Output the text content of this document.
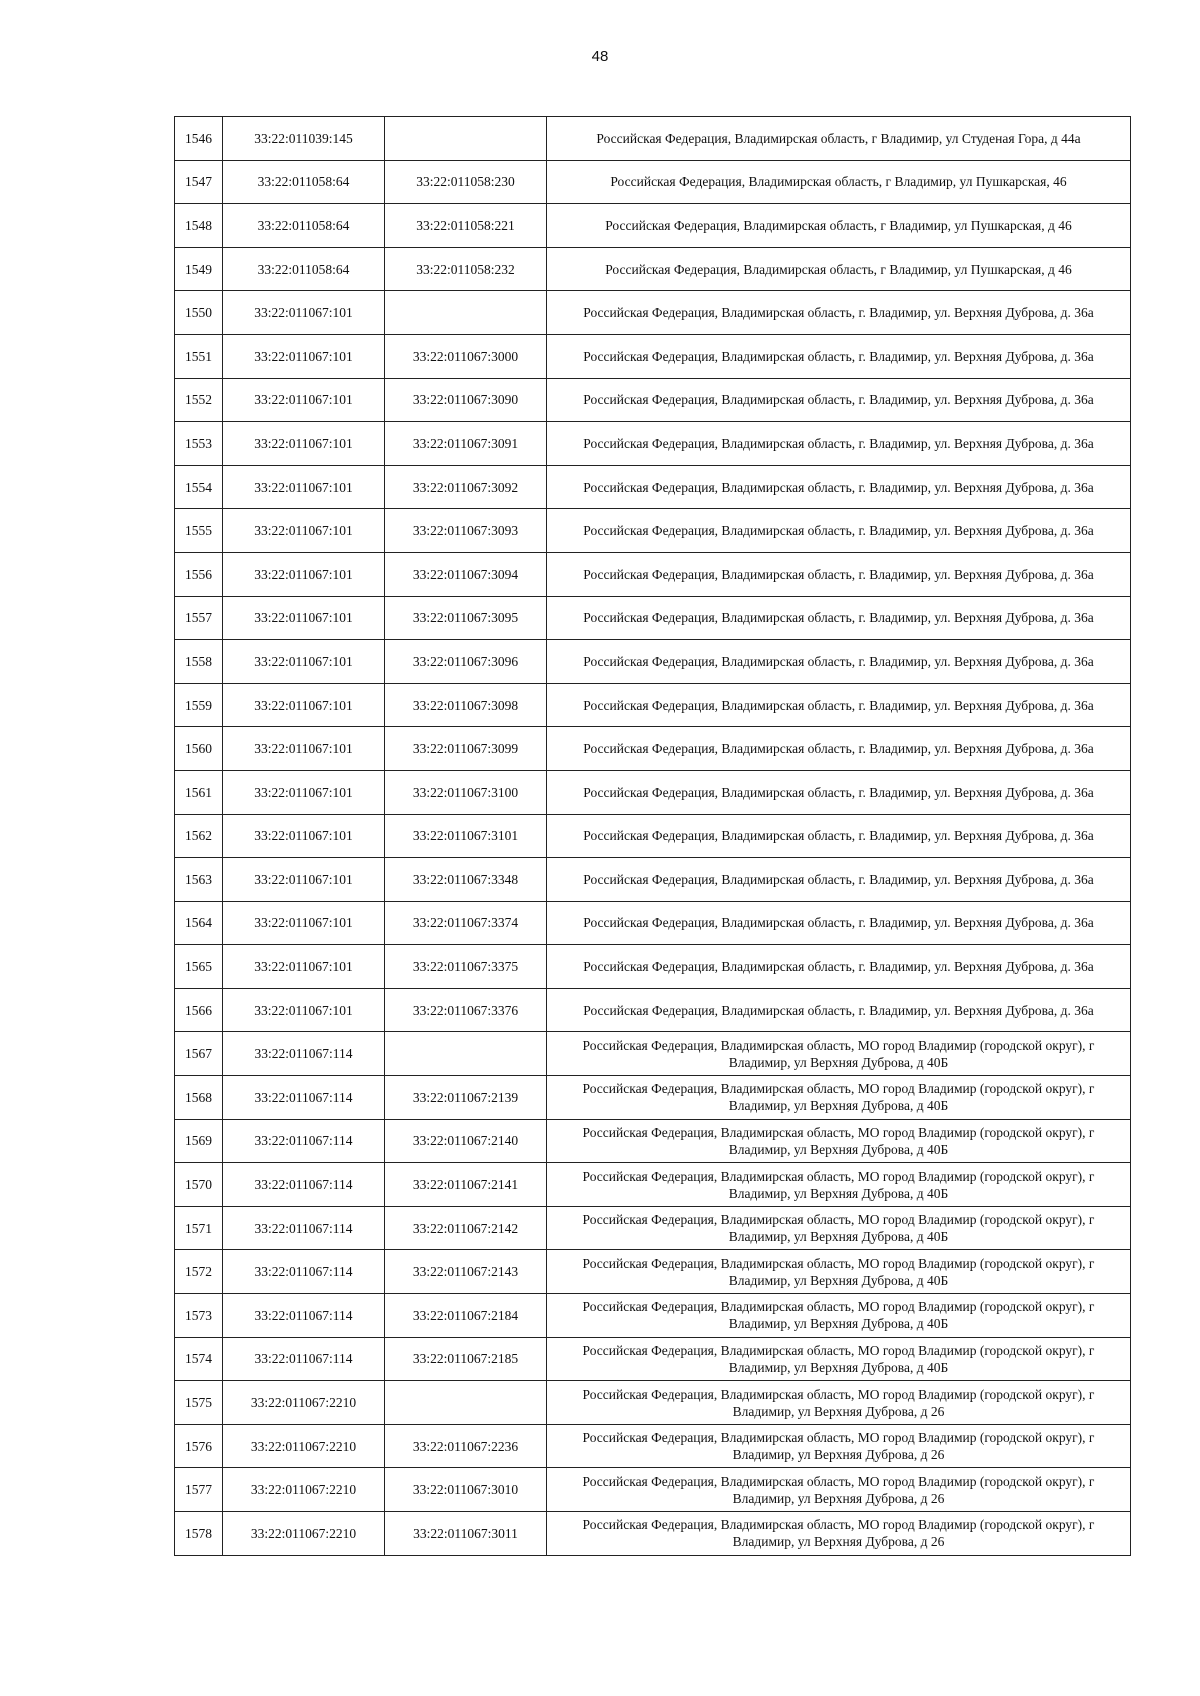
48
1546	33:22:011039:145		Российская Федерация, Владимирская область, г Владимир, ул Студеная Гора, д 44а
1547	33:22:011058:64	33:22:011058:230	Российская Федерация, Владимирская область, г Владимир, ул Пушкарская, 46
1548	33:22:011058:64	33:22:011058:221	Российская Федерация, Владимирская область, г Владимир, ул Пушкарская, д 46
1549	33:22:011058:64	33:22:011058:232	Российская Федерация, Владимирская область, г Владимир, ул Пушкарская, д 46
1550	33:22:011067:101		Российская Федерация, Владимирская область, г. Владимир, ул. Верхняя Дуброва, д. 36а
1551	33:22:011067:101	33:22:011067:3000	Российская Федерация, Владимирская область, г. Владимир, ул. Верхняя Дуброва, д. 36а
1552	33:22:011067:101	33:22:011067:3090	Российская Федерация, Владимирская область, г. Владимир, ул. Верхняя Дуброва, д. 36а
1553	33:22:011067:101	33:22:011067:3091	Российская Федерация, Владимирская область, г. Владимир, ул. Верхняя Дуброва, д. 36а
1554	33:22:011067:101	33:22:011067:3092	Российская Федерация, Владимирская область, г. Владимир, ул. Верхняя Дуброва, д. 36а
1555	33:22:011067:101	33:22:011067:3093	Российская Федерация, Владимирская область, г. Владимир, ул. Верхняя Дуброва, д. 36а
1556	33:22:011067:101	33:22:011067:3094	Российская Федерация, Владимирская область, г. Владимир, ул. Верхняя Дуброва, д. 36а
1557	33:22:011067:101	33:22:011067:3095	Российская Федерация, Владимирская область, г. Владимир, ул. Верхняя Дуброва, д. 36а
1558	33:22:011067:101	33:22:011067:3096	Российская Федерация, Владимирская область, г. Владимир, ул. Верхняя Дуброва, д. 36а
1559	33:22:011067:101	33:22:011067:3098	Российская Федерация, Владимирская область, г. Владимир, ул. Верхняя Дуброва, д. 36а
1560	33:22:011067:101	33:22:011067:3099	Российская Федерация, Владимирская область, г. Владимир, ул. Верхняя Дуброва, д. 36а
1561	33:22:011067:101	33:22:011067:3100	Российская Федерация, Владимирская область, г. Владимир, ул. Верхняя Дуброва, д. 36а
1562	33:22:011067:101	33:22:011067:3101	Российская Федерация, Владимирская область, г. Владимир, ул. Верхняя Дуброва, д. 36а
1563	33:22:011067:101	33:22:011067:3348	Российская Федерация, Владимирская область, г. Владимир, ул. Верхняя Дуброва, д. 36а
1564	33:22:011067:101	33:22:011067:3374	Российская Федерация, Владимирская область, г. Владимир, ул. Верхняя Дуброва, д. 36а
1565	33:22:011067:101	33:22:011067:3375	Российская Федерация, Владимирская область, г. Владимир, ул. Верхняя Дуброва, д. 36а
1566	33:22:011067:101	33:22:011067:3376	Российская Федерация, Владимирская область, г. Владимир, ул. Верхняя Дуброва, д. 36а
1567	33:22:011067:114		Российская Федерация, Владимирская область, МО город Владимир (городской округ), г Владимир, ул Верхняя Дуброва, д 40Б
1568	33:22:011067:114	33:22:011067:2139	Российская Федерация, Владимирская область, МО город Владимир (городской округ), г Владимир, ул Верхняя Дуброва, д 40Б
1569	33:22:011067:114	33:22:011067:2140	Российская Федерация, Владимирская область, МО город Владимир (городской округ), г Владимир, ул Верхняя Дуброва, д 40Б
1570	33:22:011067:114	33:22:011067:2141	Российская Федерация, Владимирская область, МО город Владимир (городской округ), г Владимир, ул Верхняя Дуброва, д 40Б
1571	33:22:011067:114	33:22:011067:2142	Российская Федерация, Владимирская область, МО город Владимир (городской округ), г Владимир, ул Верхняя Дуброва, д 40Б
1572	33:22:011067:114	33:22:011067:2143	Российская Федерация, Владимирская область, МО город Владимир (городской округ), г Владимир, ул Верхняя Дуброва, д 40Б
1573	33:22:011067:114	33:22:011067:2184	Российская Федерация, Владимирская область, МО город Владимир (городской округ), г Владимир, ул Верхняя Дуброва, д 40Б
1574	33:22:011067:114	33:22:011067:2185	Российская Федерация, Владимирская область, МО город Владимир (городской округ), г Владимир, ул Верхняя Дуброва, д 40Б
1575	33:22:011067:2210		Российская Федерация, Владимирская область, МО город Владимир (городской округ), г Владимир, ул Верхняя Дуброва, д 26
1576	33:22:011067:2210	33:22:011067:2236	Российская Федерация, Владимирская область, МО город Владимир (городской округ), г Владимир, ул Верхняя Дуброва, д 26
1577	33:22:011067:2210	33:22:011067:3010	Российская Федерация, Владимирская область, МО город Владимир (городской округ), г Владимир, ул Верхняя Дуброва, д 26
1578	33:22:011067:2210	33:22:011067:3011	Российская Федерация, Владимирская область, МО город Владимир (городской округ), г Владимир, ул Верхняя Дуброва, д 26
